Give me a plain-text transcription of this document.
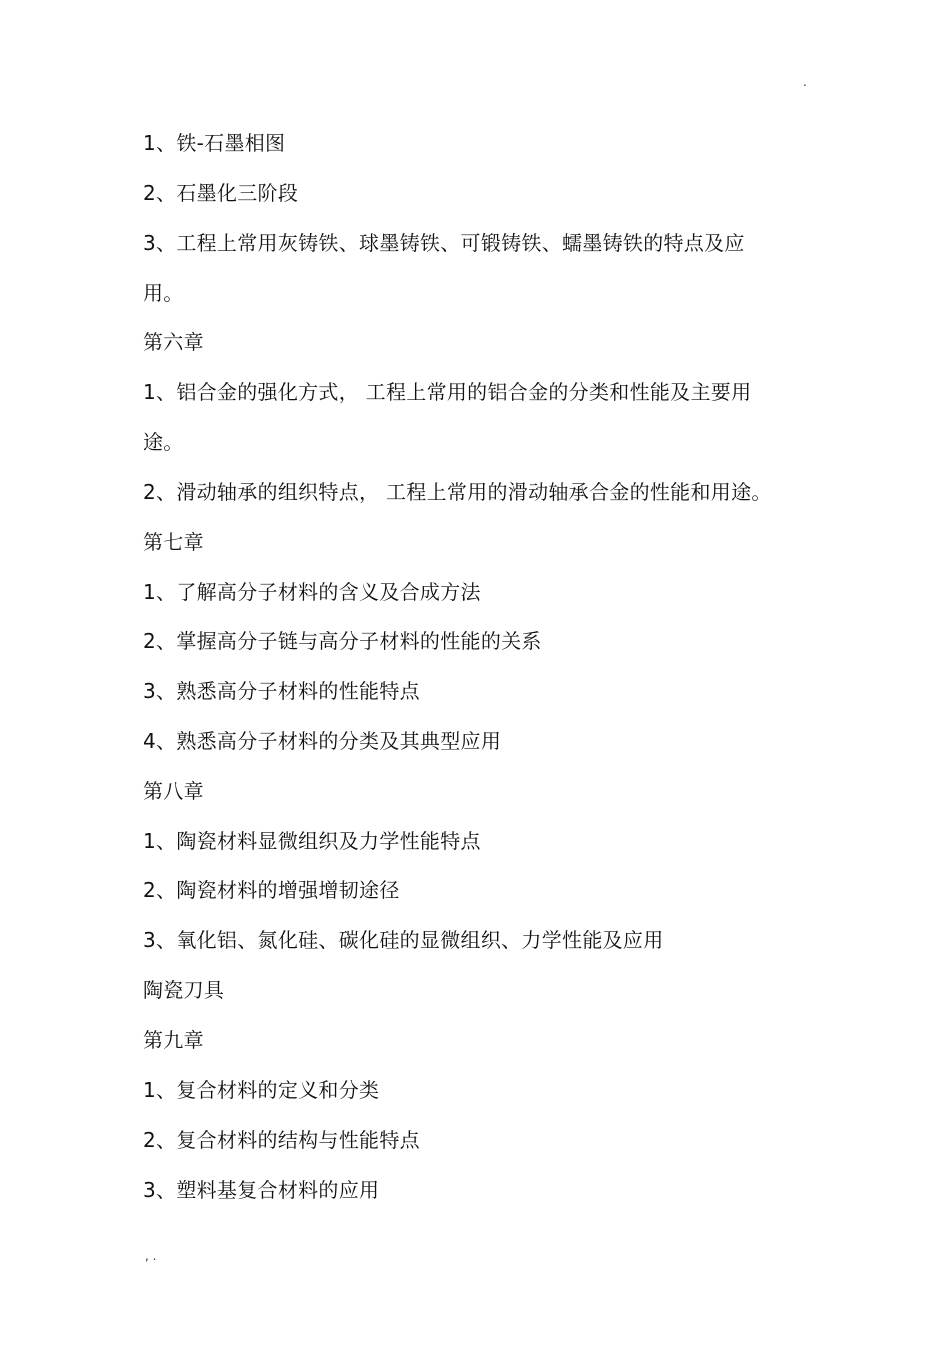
.
1、铁-石墨相图
2、石墨化三阶段
3、工程上常用灰铸铁、球墨铸铁、可锻铸铁、蠕墨铸铁的特点及应
用。
第六章
1、铝合金的强化方式， 工程上常用的铝合金的分类和性能及主要用
途。
2、滑动轴承的组织特点， 工程上常用的滑动轴承合金的性能和用途。
第七章
1、了解高分子材料的含义及合成方法
2、掌握高分子链与高分子材料的性能的关系
3、熟悉高分子材料的性能特点
4、熟悉高分子材料的分类及其典型应用
第八章
1、陶瓷材料显微组织及力学性能特点
2、陶瓷材料的增强增韧途径
3、氧化铝、氮化硅、碳化硅的显微组织、力学性能及应用
陶瓷刀具
第九章
1、复合材料的定义和分类
2、复合材料的结构与性能特点
3、塑料基复合材料的应用
, .
